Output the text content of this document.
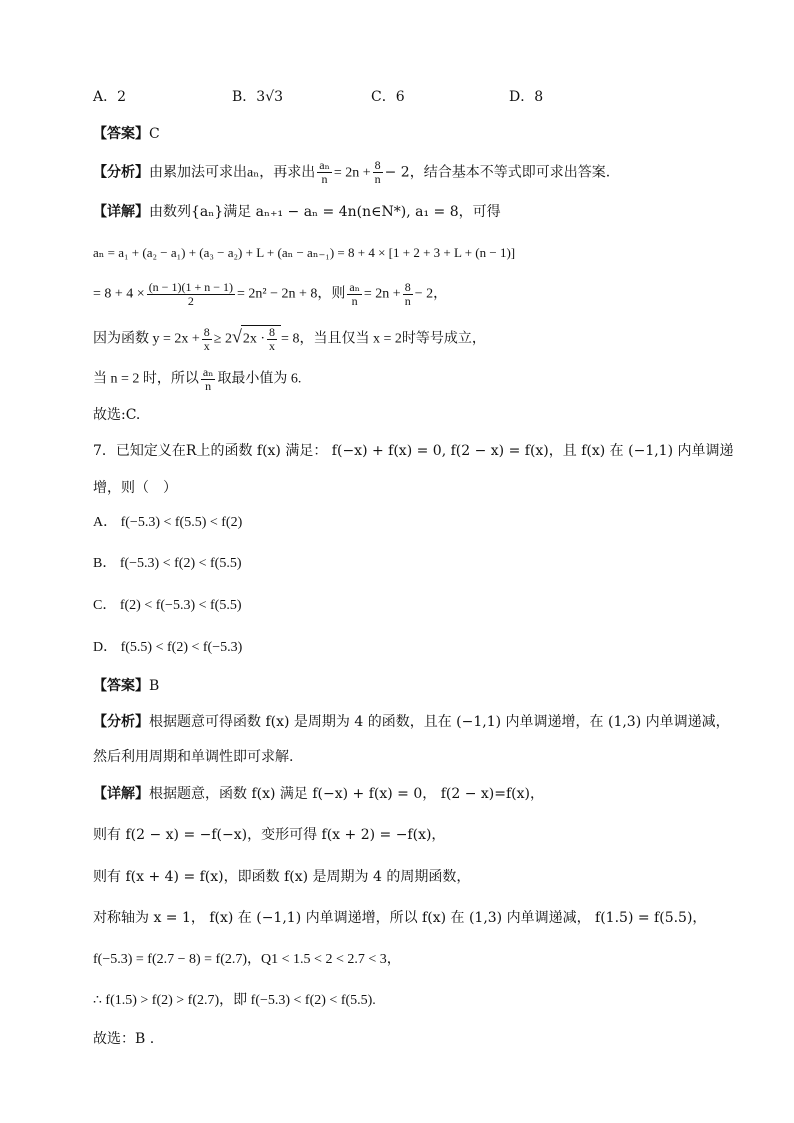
A．2	B．3√3	C．6	D．8
【答案】C
【分析】由累加法可求出aₙ，再求出 $\frac{\text{aₙ}}{n} = 2n + \frac{8}{n} - 2$，结合基本不等式即可求出答案.
【详解】由数列{aₙ}满足 aₙ₊₁ − aₙ = 4n(n∈N*), a₁ = 8，可得
aₙ = a₁ + (a₂ − a₁) + (a₃ − a₂) + L + (aₙ − aₙ₋₁) = 8 + 4 × [1 + 2 + 3 + L + (n − 1)]
= $8 + 4 \times \frac{(n - 1)(1 + n - 1)}{2} = 2n^2 - 2n + 8$，则 $\frac{\text{aₙ}}{n} = 2n + \frac{8}{n} - 2$，
因为函数 $y = 2x + \frac{8}{x} \ge 2√2x \cdot \frac{8}{x} = 8$，当且仅当 x = 2时等号成立，
当 n = 2 时，所以 $\frac{\text{aₙ}}{n}$ 取最小值为 6.
故选:C.
7．已知定义在R上的函数 f(x) 满足： f(−x) + f(x) = 0, f(2 − x) = f(x)，且 f(x) 在 (−1,1) 内单调递
增，则（　）
A． f(−5.3) < f(5.5) < f(2)
B． f(−5.3) < f(2) < f(5.5)
C． f(2) < f(−5.3) < f(5.5)
D． f(5.5) < f(2) < f(−5.3)
【答案】B
【分析】根据题意可得函数 f(x) 是周期为 4 的函数，且在 (−1,1) 内单调递增，在 (1,3) 内单调递减，
然后利用周期和单调性即可求解.
【详解】根据题意，函数 f(x) 满足 f(−x) + f(x) = 0， f(2 − x)=f(x)，
则有 f(2 − x) = −f(−x)，变形可得 f(x + 2) = −f(x)，
则有 f(x + 4) = f(x)，即函数 f(x) 是周期为 4 的周期函数，
对称轴为 x = 1， f(x) 在 (−1,1) 内单调递增，所以 f(x) 在 (1,3) 内单调递减， f(1.5) = f(5.5)，
f(−5.3) = f(2.7 − 8) = f(2.7)，Q1 < 1.5 < 2 < 2.7 < 3，
∴ f(1.5) > f(2) > f(2.7)，即 f(−5.3) < f(2) < f(5.5).
故选：B .
